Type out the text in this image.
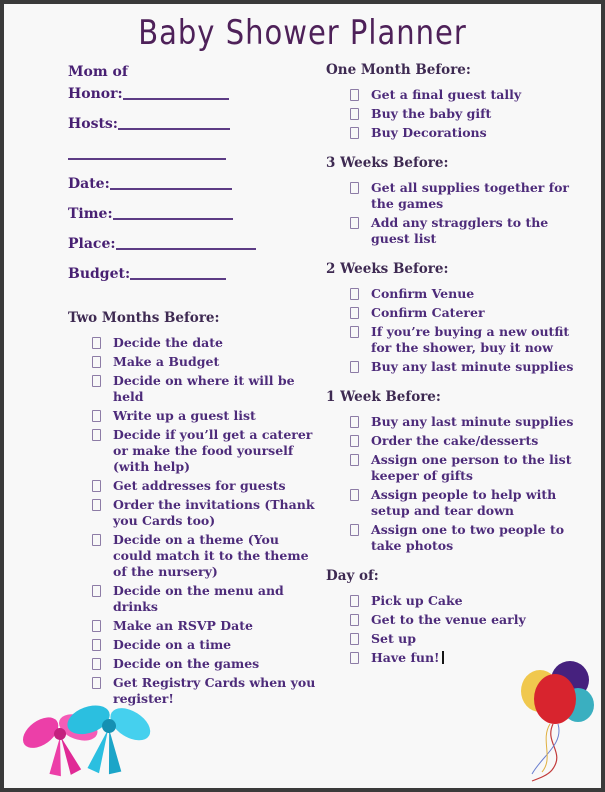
Baby Shower Planner
Mom of
Honor:
Hosts:
Date:
Time:
Place:
Budget:
Two Months Before:
Decide the date
Make a Budget
Decide on where it will be held
Write up a guest list
Decide if you’ll get a caterer or make the food yourself (with help)
Get addresses for guests
Order the invitations (Thank you Cards too)
Decide on a theme (You could match it to the theme of the nursery)
Decide on the menu and drinks
Make an RSVP Date
Decide on a time
Decide on the games
Get Registry Cards when you register!
One Month Before:
Get a final guest tally
Buy the baby gift
Buy Decorations
3 Weeks Before:
Get all supplies together for the games
Add any stragglers to the guest list
2 Weeks Before:
Confirm Venue
Confirm Caterer
If you’re buying a new outfit for the shower, buy it now
Buy any last minute supplies
1 Week Before:
Buy any last minute supplies
Order the cake/desserts
Assign one person to the list keeper of gifts
Assign people to help with setup and tear down
Assign one to two people to take photos
Day of:
Pick up Cake
Get to the venue early
Set up
Have fun!
